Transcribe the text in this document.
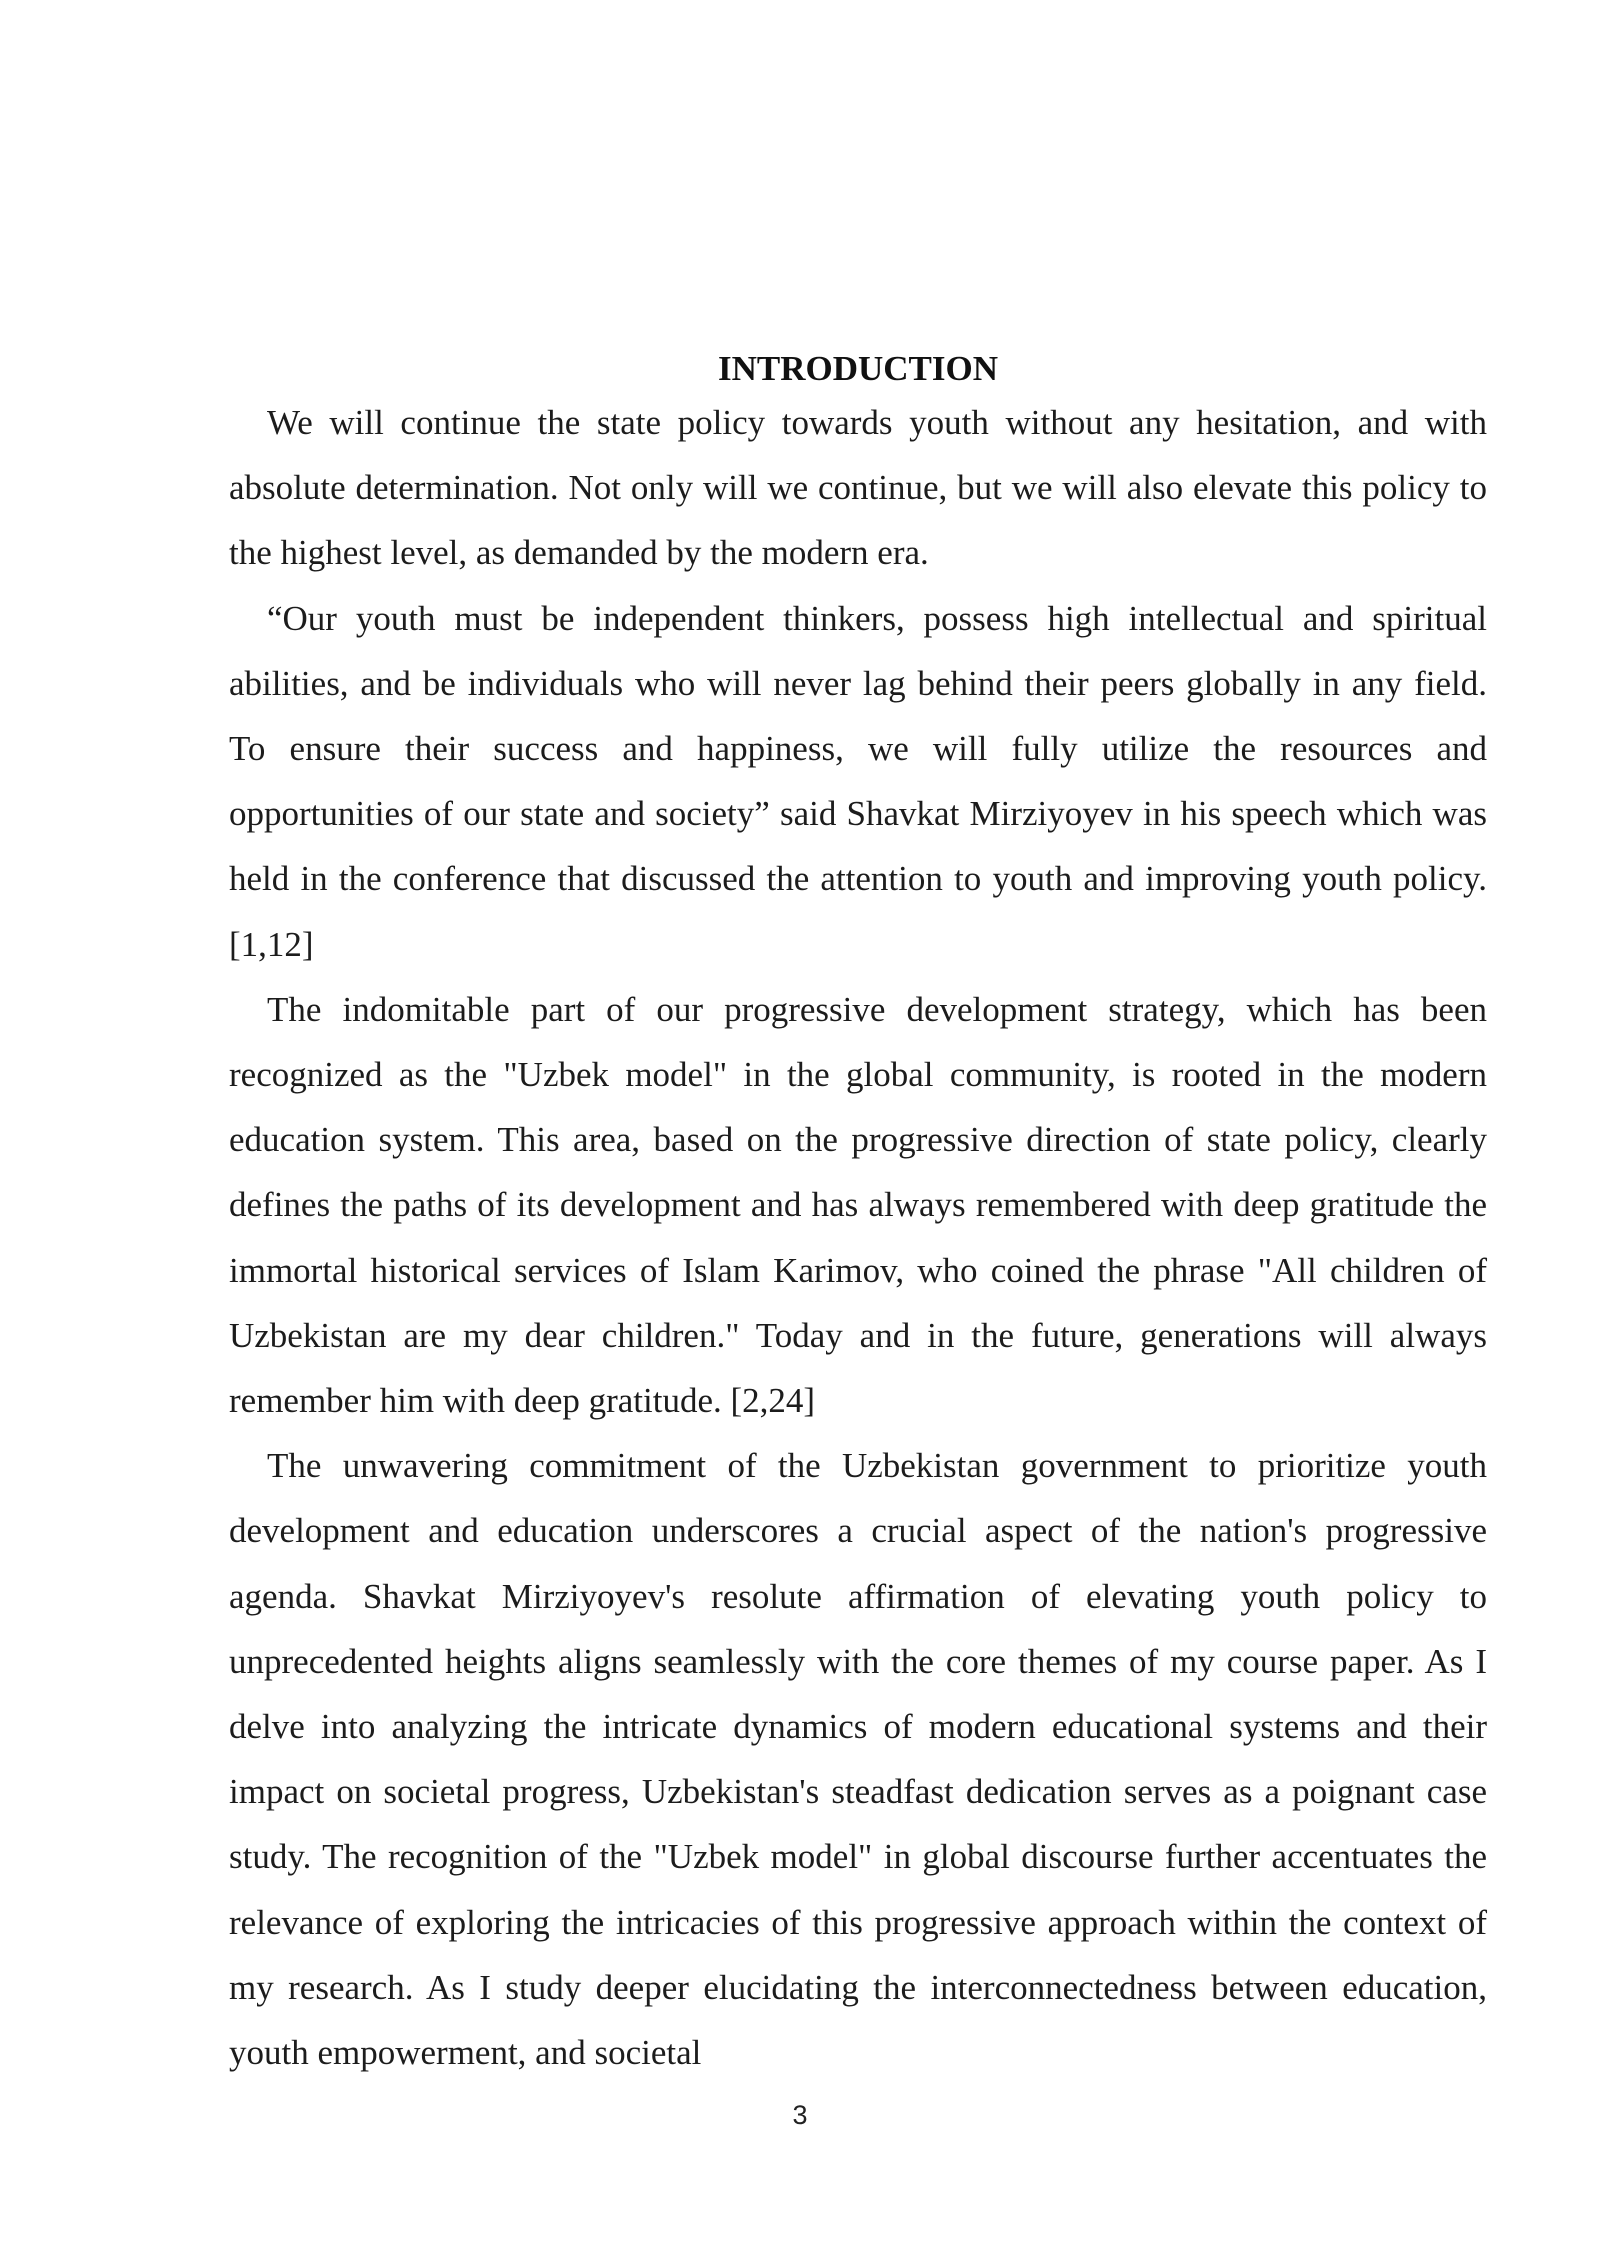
INTRODUCTION

We will continue the state policy towards youth without any hesitation, and with absolute determination. Not only will we continue, but we will also elevate this policy to the highest level, as demanded by the modern era.

“Our youth must be independent thinkers, possess high intellectual and spiritual abilities, and be individuals who will never lag behind their peers globally in any field. To ensure their success and happiness, we will fully utilize the resources and opportunities of our state and society” said Shavkat Mirziyoyev in his speech which was held in the conference that discussed the attention to youth and improving youth policy. [1,12]

The indomitable part of our progressive development strategy, which has been recognized as the "Uzbek model" in the global community, is rooted in the modern education system. This area, based on the progressive direction of state policy, clearly defines the paths of its development and has always remembered with deep gratitude the immortal historical services of Islam Karimov, who coined the phrase "All children of Uzbekistan are my dear children." Today and in the future, generations will always remember him with deep gratitude. [2,24]

The unwavering commitment of the Uzbekistan government to prioritize youth development and education underscores a crucial aspect of the nation's progressive agenda. Shavkat Mirziyoyev's resolute affirmation of elevating youth policy to unprecedented heights aligns seamlessly with the core themes of my course paper. As I delve into analyzing the intricate dynamics of modern educational systems and their impact on societal progress, Uzbekistan's steadfast dedication serves as a poignant case study. The recognition of the "Uzbek model" in global discourse further accentuates the relevance of exploring the intricacies of this progressive approach within the context of my research. As I study deeper elucidating the interconnectedness between education, youth empowerment, and societal

3
